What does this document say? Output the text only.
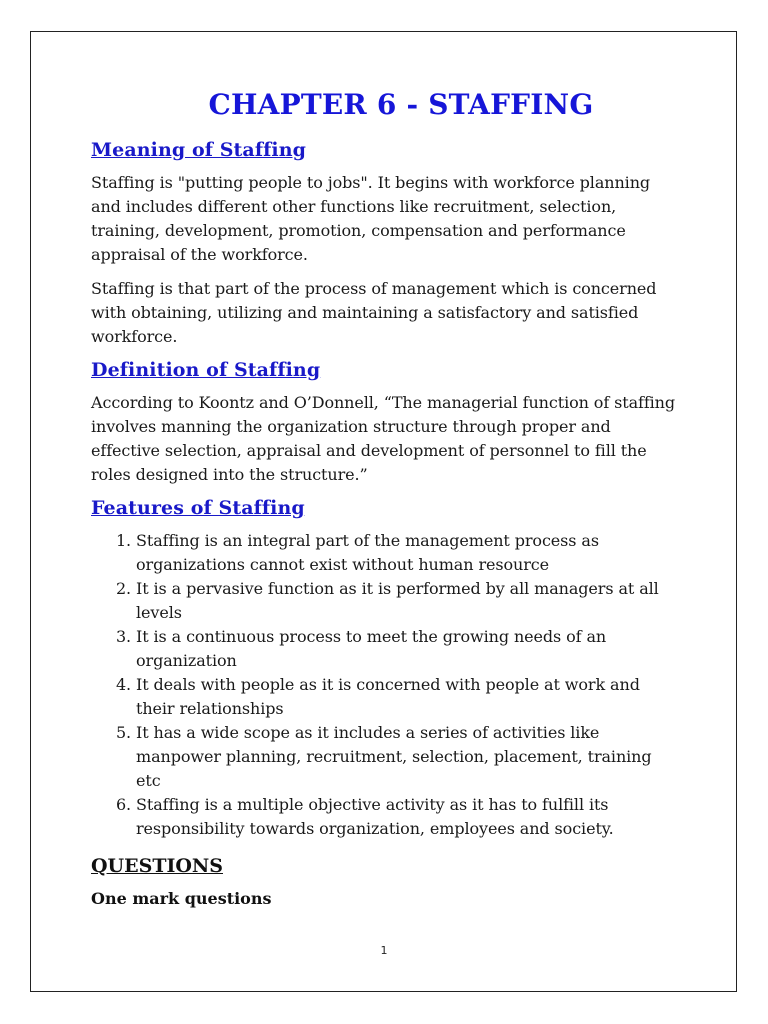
CHAPTER 6 - STAFFING
Meaning of Staffing

Staffing is "putting people to jobs". It begins with workforce planning and includes different other functions like recruitment, selection, training, development, promotion, compensation and performance appraisal of the workforce.

Staffing is that part of the process of management which is concerned with obtaining, utilizing and maintaining a satisfactory and satisfied workforce.

Definition of Staffing

According to Koontz and O’Donnell, “The managerial function of staffing involves manning the organization structure through proper and effective selection, appraisal and development of personnel to fill the roles designed into the structure.”

Features of Staffing
1. Staffing is an integral part of the management process as organizations cannot exist without human resource
2. It is a pervasive function as it is performed by all managers at all levels
3. It is a continuous process to meet the growing needs of an organization
4. It deals with people as it is concerned with people at work and their relationships
5. It has a wide scope as it includes a series of activities like manpower planning, recruitment, selection, placement, training etc
6. Staffing is a multiple objective activity as it has to fulfill its responsibility towards organization, employees and society.
QUESTIONS
One mark questions
1
